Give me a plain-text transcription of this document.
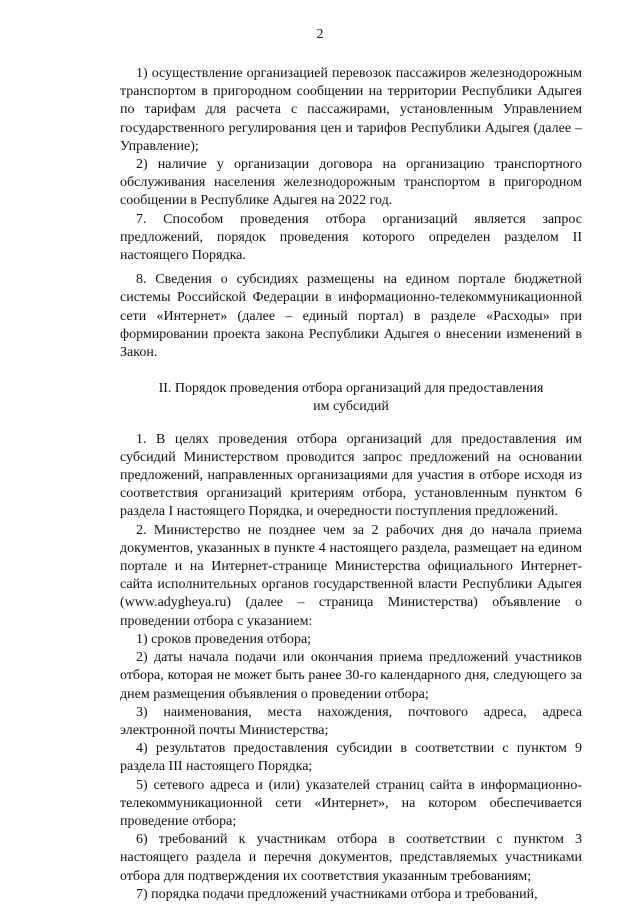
2

1) осуществление организацией перевозок пассажиров железнодорожным транспортом в пригородном сообщении на территории Республики Адыгея по тарифам для расчета с пассажирами, установленным Управлением государственного регулирования цен и тарифов Республики Адыгея (далее – Управление);

2) наличие у организации договора на организацию транспортного обслуживания населения железнодорожным транспортом в пригородном сообщении в Республике Адыгея на 2022 год.

7. Способом проведения отбора организаций является запрос предложений, порядок проведения которого определен разделом II настоящего Порядка.

8. Сведения о субсидиях размещены на едином портале бюджетной системы Российской Федерации в информационно-телекоммуникационной сети «Интернет» (далее – единый портал) в разделе «Расходы» при формировании проекта закона Республики Адыгея о внесении изменений в Закон.

II. Порядок проведения отбора организаций для предоставления
им субсидий

1. В целях проведения отбора организаций для предоставления им субсидий Министерством проводится запрос предложений на основании предложений, направленных организациями для участия в отборе исходя из соответствия организаций критериям отбора, установленным пунктом 6 раздела I настоящего Порядка, и очередности поступления предложений.

2. Министерство не позднее чем за 2 рабочих дня до начала приема документов, указанных в пункте 4 настоящего раздела, размещает на едином портале и на Интернет-странице Министерства официального Интернет-сайта исполнительных органов государственной власти Республики Адыгея (www.adygheya.ru) (далее – страница Министерства) объявление о проведении отбора с указанием:

1) сроков проведения отбора;

2) даты начала подачи или окончания приема предложений участников отбора, которая не может быть ранее 30-го календарного дня, следующего за днем размещения объявления о проведении отбора;

3) наименования, места нахождения, почтового адреса, адреса электронной почты Министерства;

4) результатов предоставления субсидии в соответствии с пунктом 9 раздела III настоящего Порядка;

5) сетевого адреса и (или) указателей страниц сайта в информационно-телекоммуникационной сети «Интернет», на котором обеспечивается проведение отбора;

6) требований к участникам отбора в соответствии с пунктом 3 настоящего раздела и перечня документов, представляемых участниками отбора для подтверждения их соответствия указанным требованиям;

7) порядка подачи предложений участниками отбора и требований,
